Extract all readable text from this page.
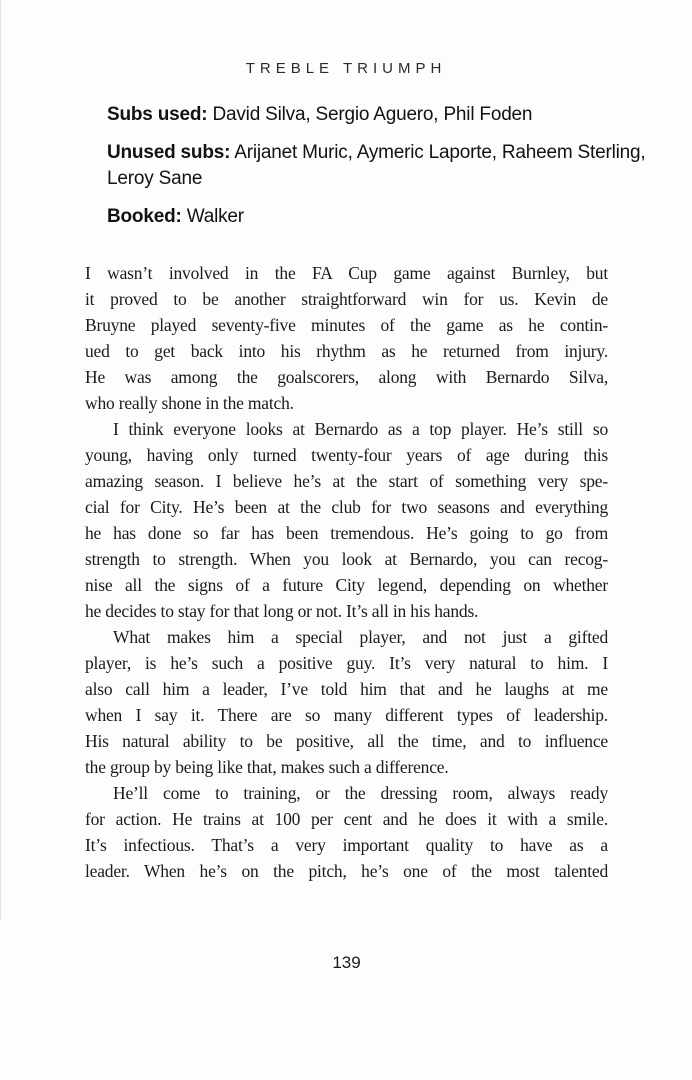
TREBLE TRIUMPH
Subs used: David Silva, Sergio Aguero, Phil Foden
Unused subs: Arijanet Muric, Aymeric Laporte, Raheem Sterling,
Leroy Sane
Booked: Walker
I wasn’t involved in the FA Cup game against Burnley, but
it proved to be another straightforward win for us. Kevin de
Bruyne played seventy-five minutes of the game as he contin-
ued to get back into his rhythm as he returned from injury.
He was among the goalscorers, along with Bernardo Silva,
who really shone in the match.
I think everyone looks at Bernardo as a top player. He’s still so
young, having only turned twenty-four years of age during this
amazing season. I believe he’s at the start of something very spe-
cial for City. He’s been at the club for two seasons and everything
he has done so far has been tremendous. He’s going to go from
strength to strength. When you look at Bernardo, you can recog-
nise all the signs of a future City legend, depending on whether
he decides to stay for that long or not. It’s all in his hands.
What makes him a special player, and not just a gifted
player, is he’s such a positive guy. It’s very natural to him. I
also call him a leader, I’ve told him that and he laughs at me
when I say it. There are so many different types of leadership.
His natural ability to be positive, all the time, and to influence
the group by being like that, makes such a difference.
He’ll come to training, or the dressing room, always ready
for action. He trains at 100 per cent and he does it with a smile.
It’s infectious. That’s a very important quality to have as a
leader. When he’s on the pitch, he’s one of the most talented
139
